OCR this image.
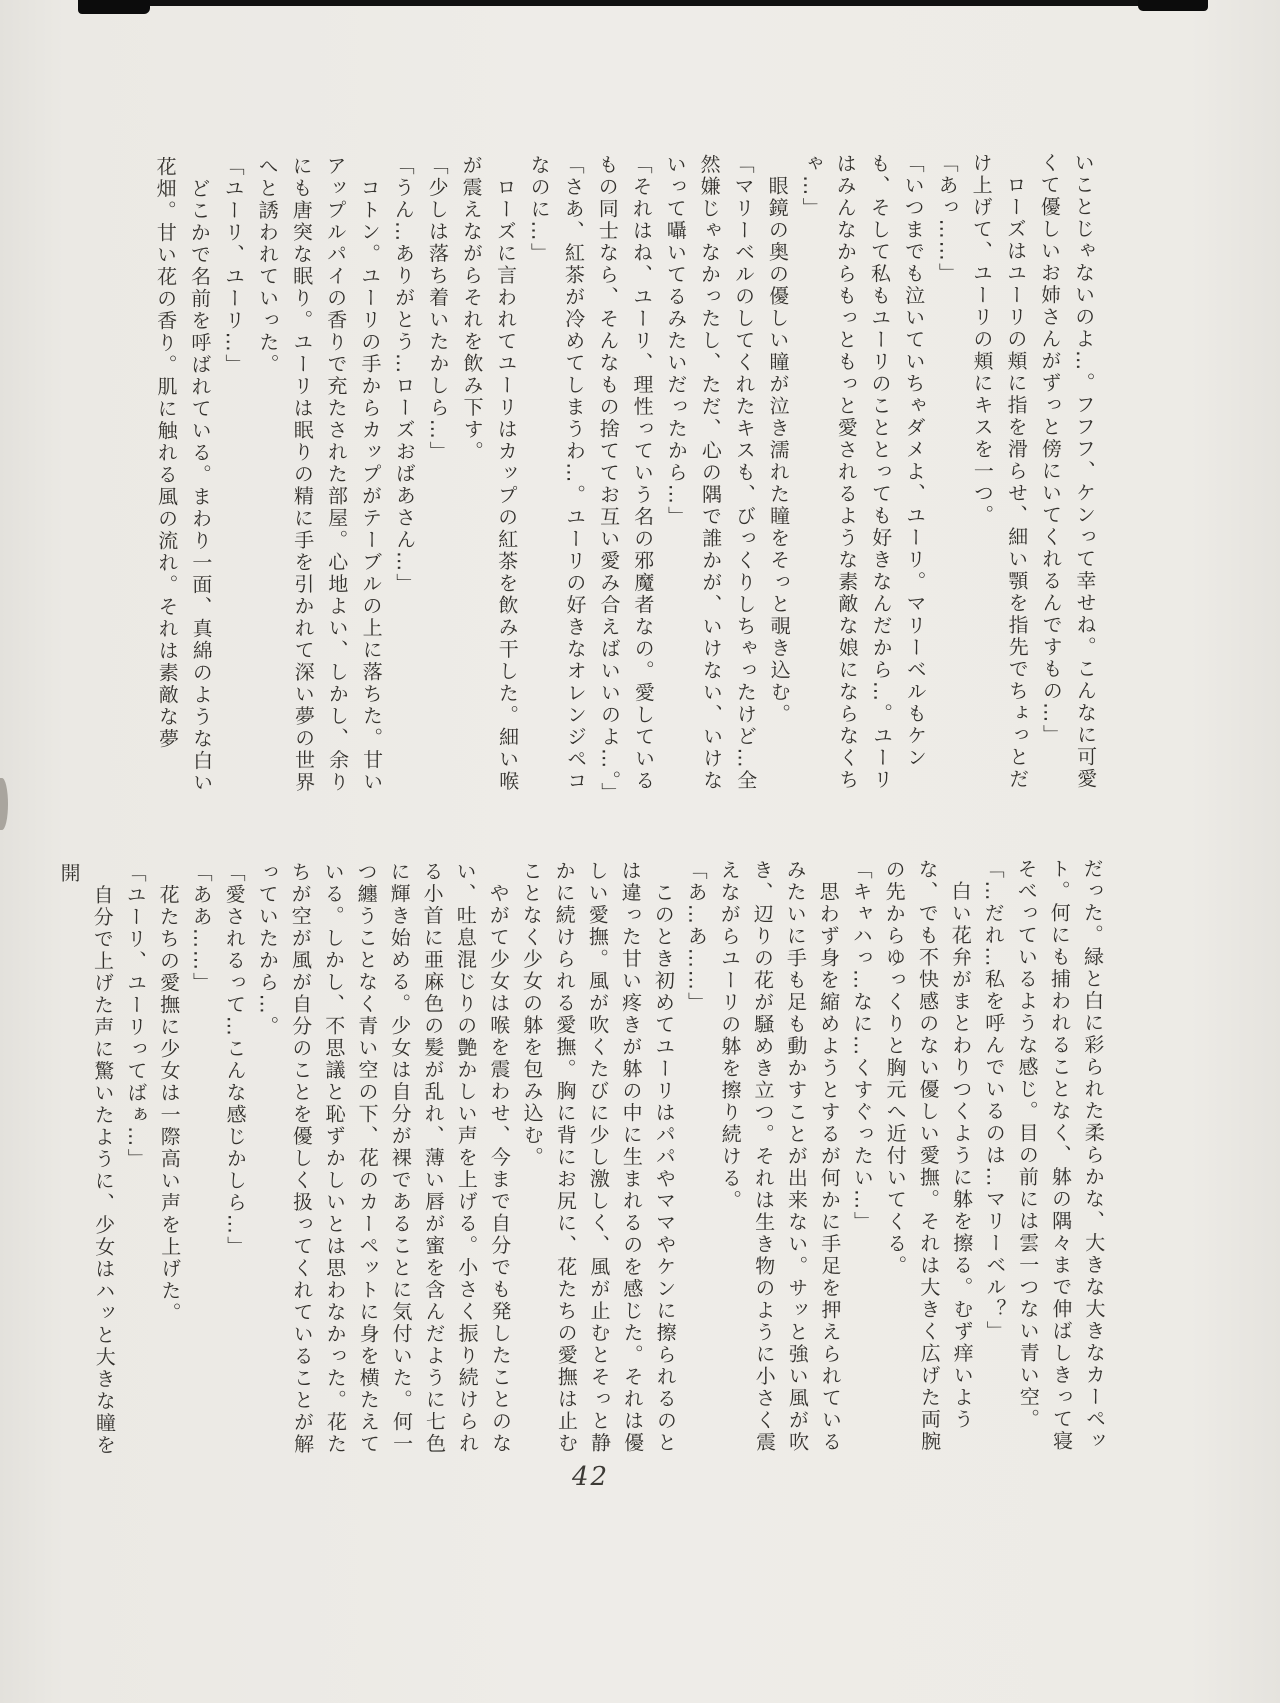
いことじゃないのよ…。フフフ、ケンって幸せね。こんなに可愛くて優しいお姉さんがずっと傍にいてくれるんですもの…」

　ローズはユーリの頬に指を滑らせ、細い顎を指先でちょっとだけ上げて、ユーリの頬にキスを一つ。

「あっ……」

「いつまでも泣いていちゃダメよ、ユーリ。マリーベルもケンも、そして私もユーリのこととっても好きなんだから…。ユーリはみんなからもっともっと愛されるような素敵な娘にならなくちゃ…」

　眼鏡の奥の優しい瞳が泣き濡れた瞳をそっと覗き込む。

「マリーベルのしてくれたキスも、びっくりしちゃったけど…全然嫌じゃなかったし、ただ、心の隅で誰かが、いけない、いけないって囁いてるみたいだったから…」

「それはね、ユーリ、理性っていう名の邪魔者なの。愛しているもの同士なら、そんなもの捨ててお互い愛み合えばいいのよ…。」

「さあ、紅茶が冷めてしまうわ…。ユーリの好きなオレンジペコなのに…」

　ローズに言われてユーリはカップの紅茶を飲み干した。細い喉が震えながらそれを飲み下す。

「少しは落ち着いたかしら…」

「うん…ありがとう…ローズおばあさん…」

　コトン。ユーリの手からカップがテーブルの上に落ちた。甘いアップルパイの香りで充たされた部屋。心地よい、しかし、余りにも唐突な眠り。ユーリは眠りの精に手を引かれて深い夢の世界へと誘われていった。

「ユーリ、ユーリ…」

　どこかで名前を呼ばれている。まわり一面、真綿のような白い花畑。甘い花の香り。肌に触れる風の流れ。それは素敵な夢

だった。緑と白に彩られた柔らかな、大きな大きなカーペット。何にも捕われることなく、躰の隅々まで伸ばしきって寝そべっているような感じ。目の前には雲一つない青い空。

「…だれ…私を呼んでいるのは…マリーベル？」

　白い花弁がまとわりつくように躰を擦る。むず痒いような、でも不快感のない優しい愛撫。それは大きく広げた両腕の先からゆっくりと胸元へ近付いてくる。

「キャハっ…なに…くすぐったい…」

　思わず身を縮めようとするが何かに手足を押えられているみたいに手も足も動かすことが出来ない。サッと強い風が吹き、辺りの花が騒めき立つ。それは生き物のように小さく震えながらユーリの躰を擦り続ける。

「あ…あ……」

　このとき初めてユーリはパパやママやケンに擦られるのとは違った甘い疼きが躰の中に生まれるのを感じた。それは優しい愛撫。風が吹くたびに少し激しく、風が止むとそっと静かに続けられる愛撫。胸に背にお尻に、花たちの愛撫は止むことなく少女の躰を包み込む。

　やがて少女は喉を震わせ、今まで自分でも発したことのない、吐息混じりの艶かしい声を上げる。小さく振り続けられる小首に亜麻色の髪が乱れ、薄い唇が蜜を含んだように七色に輝き始める。少女は自分が裸であることに気付いた。何一つ纏うことなく青い空の下、花のカーペットに身を横たえている。しかし、不思議と恥ずかしいとは思わなかった。花たちが空が風が自分のことを優しく扱ってくれていることが解っていたから…。

「愛されるって…こんな感じかしら…」

「ああ……」

　花たちの愛撫に少女は一際高い声を上げた。

「ユーリ、ユーリってばぁ…」

　自分で上げた声に驚いたように、少女はハッと大きな瞳を開

42
